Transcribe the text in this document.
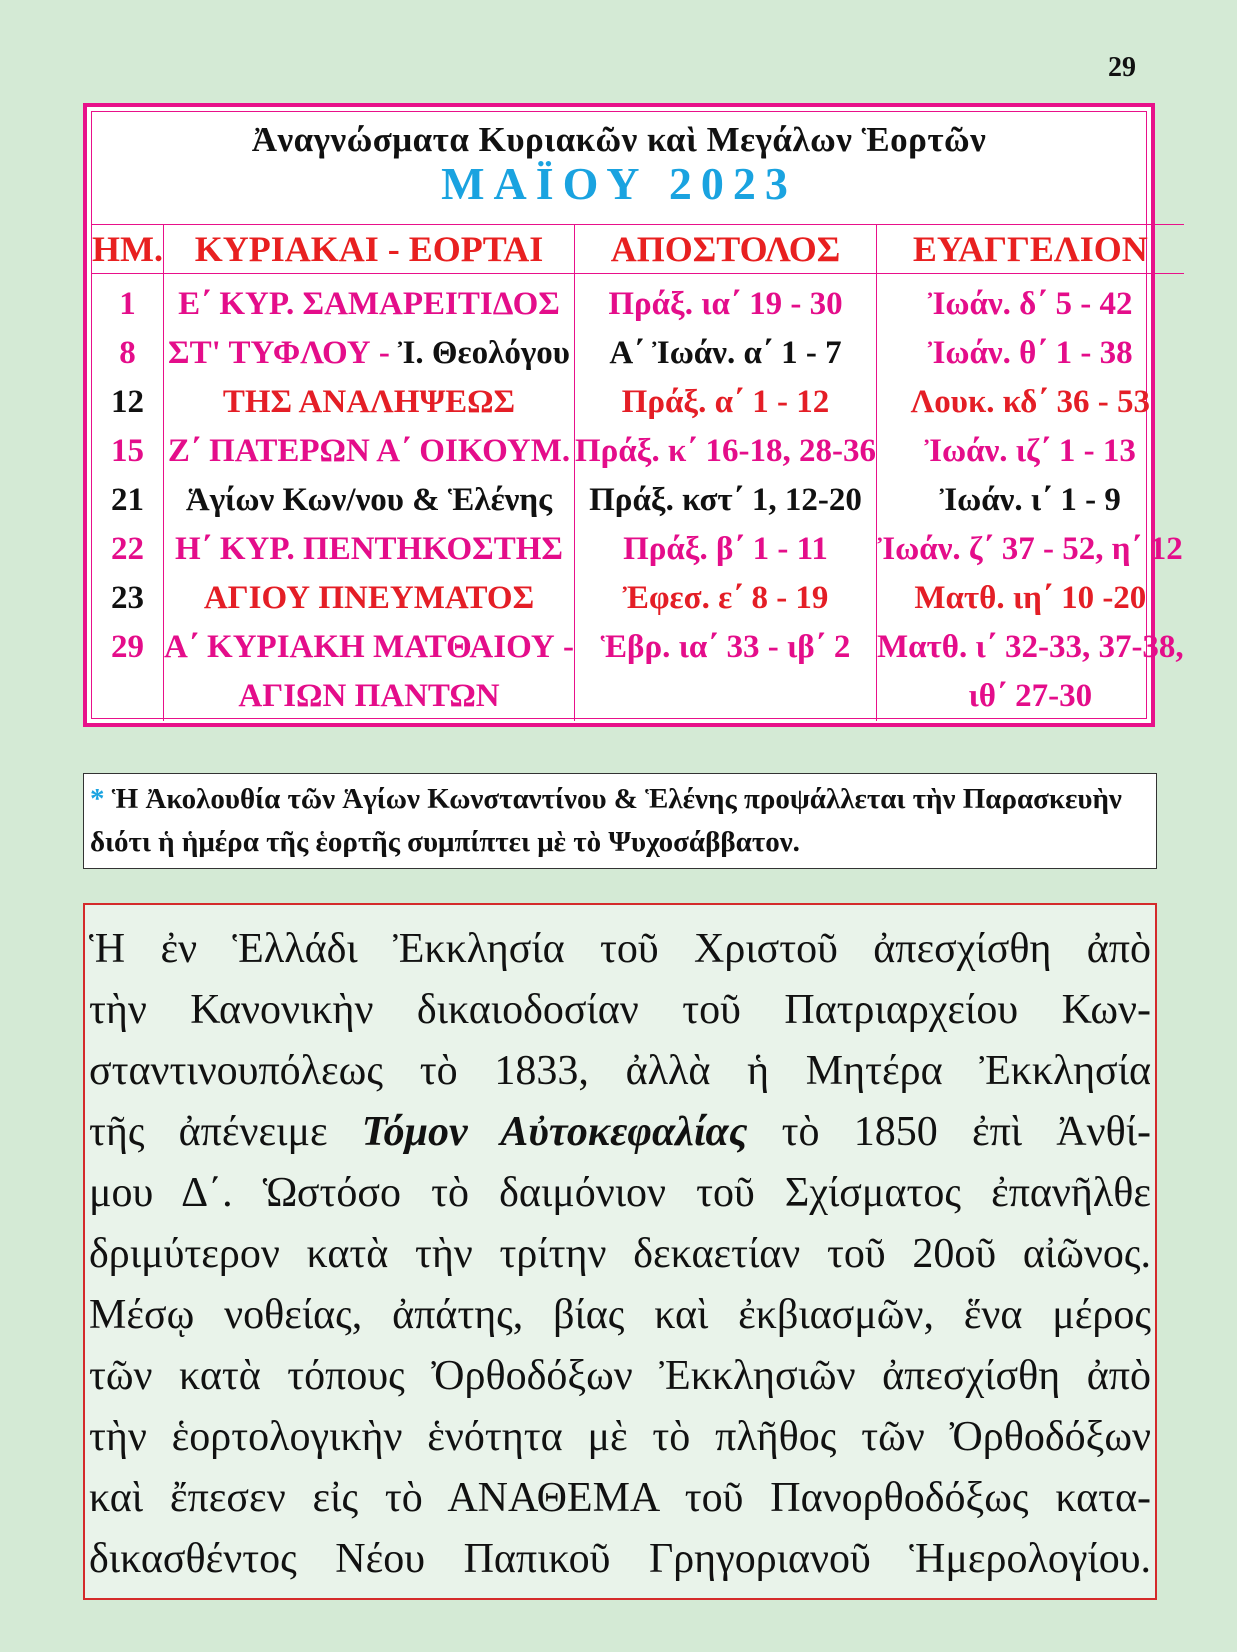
29
Ἀναγνώσματα Κυριακῶν καὶ Μεγάλων Ἑορτῶν
ΜΑΪΟΥ 2023
ΗΜ.	ΚΥΡΙΑΚΑΙ - ΕΟΡΤΑΙ	ΑΠΟΣΤΟΛΟΣ	ΕΥΑΓΓΕΛΙΟΝ
1	Ε΄ ΚΥΡ. ΣΑΜΑΡΕΙΤΙΔΟΣ	Πράξ. ια΄ 19 - 30	Ἰωάν. δ΄ 5 - 42
8	ΣΤ' ΤΥΦΛΟΥ - Ἰ. Θεολόγου	Α΄ Ἰωάν. α΄ 1 - 7	Ἰωάν. θ΄ 1 - 38
12	ΤΗΣ ΑΝΑΛΗΨΕΩΣ	Πράξ. α΄ 1 - 12	Λουκ. κδ΄ 36 - 53
15	Ζ΄ ΠΑΤΕΡΩΝ Α΄ ΟΙΚΟΥΜ.	Πράξ. κ΄ 16-18, 28-36	Ἰωάν. ιζ΄ 1 - 13
21	Ἁγίων Κων/νου & Ἑλένης	Πράξ. κστ΄ 1, 12-20	Ἰωάν. ι΄ 1 - 9
22	Η΄ ΚΥΡ. ΠΕΝΤΗΚΟΣΤΗΣ	Πράξ. β΄ 1 - 11	Ἰωάν. ζ΄ 37 - 52, η΄ 12
23	ΑΓΙΟΥ ΠΝΕΥΜΑΤΟΣ	Ἐφεσ. ε΄ 8 - 19	Ματθ. ιη΄ 10 -20
29	Α΄ ΚΥΡΙΑΚΗ ΜΑΤΘΑΙΟΥ -	Ἑβρ. ια΄ 33 - ιβ΄ 2	Ματθ. ι΄ 32-33, 37-38,
	ΑΓΙΩΝ ΠΑΝΤΩΝ		ιθ΄ 27-30
* Ἡ Ἀκολουθία τῶν Ἁγίων Κωνσταντίνου & Ἑλένης προψάλλεται τὴν Παρασκευὴν
διότι ἡ ἡμέρα τῆς ἑορτῆς συμπίπτει μὲ τὸ Ψυχοσάββατον.
Ἡ ἐν Ἑλλάδι Ἐκκλησία τοῦ Χριστοῦ ἀπεσχίσθη ἀπὸ
τὴν Κανονικὴν δικαιοδοσίαν τοῦ Πατριαρχείου Κων-
σταντινουπόλεως τὸ 1833, ἀλλὰ ἡ Μητέρα Ἐκκλησία
τῆς ἀπένειμε Τόμον Αὐτοκεφαλίας τὸ 1850 ἐπὶ Ἀνθί-
μου Δ΄. Ὡστόσο τὸ δαιμόνιον τοῦ Σχίσματος ἐπανῆλθε
δριμύτερον κατὰ τὴν τρίτην δεκαετίαν τοῦ 20οῦ αἰῶνος.
Μέσῳ νοθείας, ἀπάτης, βίας καὶ ἐκβιασμῶν, ἕνα μέρος
τῶν κατὰ τόπους Ὀρθοδόξων Ἐκκλησιῶν ἀπεσχίσθη ἀπὸ
τὴν ἑορτολογικὴν ἑνότητα μὲ τὸ πλῆθος τῶν Ὀρθοδόξων
καὶ ἔπεσεν εἰς τὸ ΑΝΑΘΕΜΑ τοῦ Πανορθοδόξως κατα-
δικασθέντος Νέου Παπικοῦ Γρηγοριανοῦ Ἡμερολογίου.
